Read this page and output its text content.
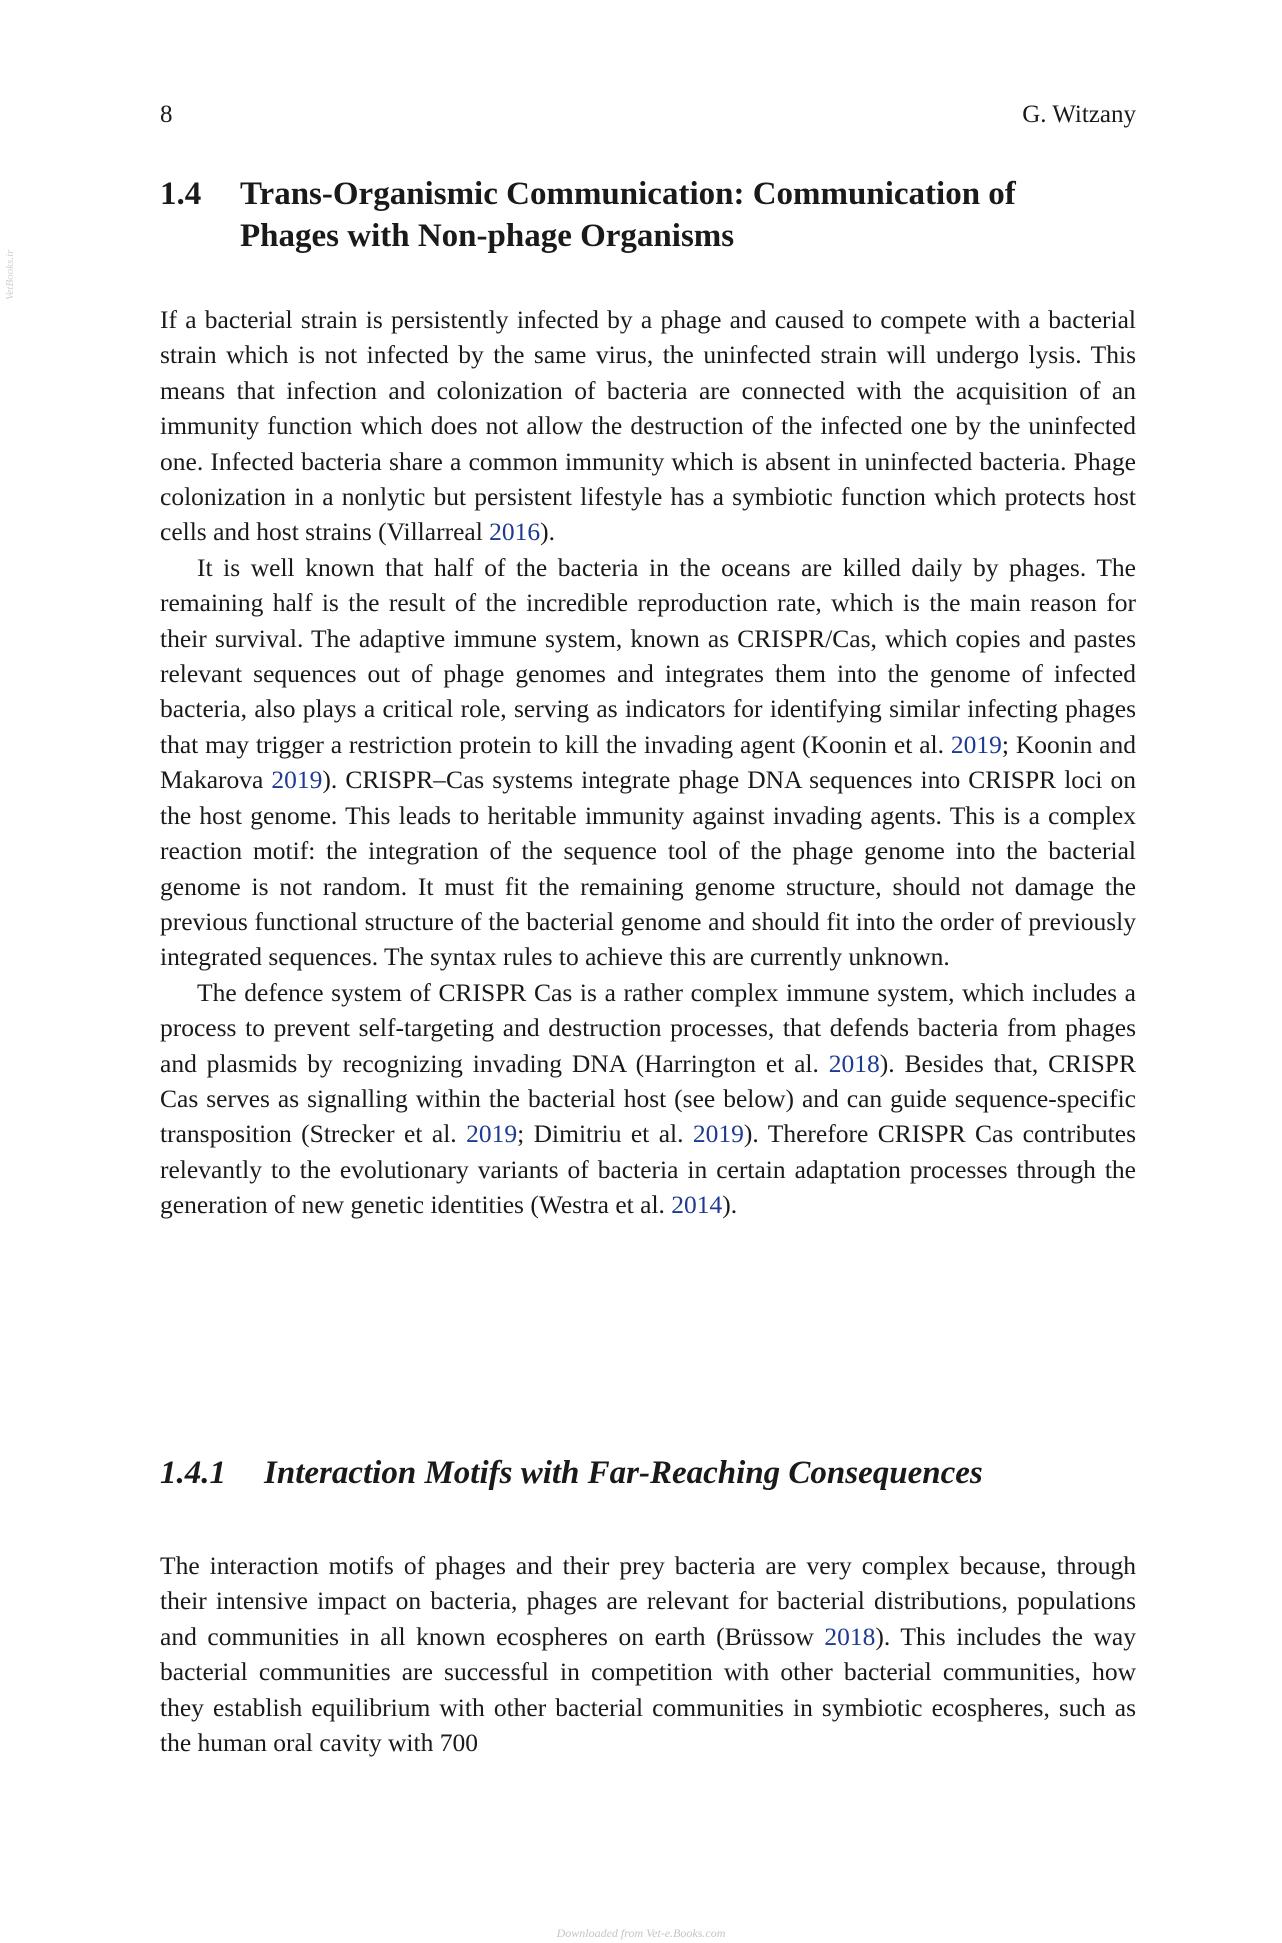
VetBooks.ir
8	G. Witzany
1.4 Trans-Organismic Communication: Communication of Phages with Non-phage Organisms

If a bacterial strain is persistently infected by a phage and caused to compete with a bacterial strain which is not infected by the same virus, the uninfected strain will undergo lysis. This means that infection and colonization of bacteria are connected with the acquisition of an immunity function which does not allow the destruction of the infected one by the uninfected one. Infected bacteria share a common immunity which is absent in uninfected bacteria. Phage colonization in a nonlytic but persistent lifestyle has a symbiotic function which protects host cells and host strains (Villarreal 2016).

It is well known that half of the bacteria in the oceans are killed daily by phages. The remaining half is the result of the incredible reproduction rate, which is the main reason for their survival. The adaptive immune system, known as CRISPR/​Cas, which copies and pastes relevant sequences out of phage genomes and integrates them into the genome of infected bacteria, also plays a critical role, serving as indicators for identifying similar infecting phages that may trigger a restriction protein to kill the invading agent (Koonin et al. 2019; Koonin and Makarova 2019). CRISPR–Cas systems integrate phage DNA sequences into CRISPR loci on the host genome. This leads to heritable immunity against invading agents. This is a complex reaction motif: the integration of the sequence tool of the phage genome into the bacterial genome is not random. It must fit the remaining genome structure, should not damage the previous functional structure of the bacterial genome and should fit into the order of previously integrated sequences. The syntax rules to achieve this are currently unknown.

The defence system of CRISPR Cas is a rather complex immune system, which includes a process to prevent self-targeting and destruction processes, that defends bacteria from phages and plasmids by recognizing invading DNA (Harrington et al. 2018). Besides that, CRISPR Cas serves as signalling within the bacterial host (see below) and can guide sequence-specific transposition (Strecker et al. 2019; Dimitriu et al. 2019). Therefore CRISPR Cas contributes relevantly to the evolutionary variants of bacteria in certain adaptation processes through the generation of new genetic identities (Westra et al. 2014).

1.4.1 Interaction Motifs with Far-Reaching Consequences

The interaction motifs of phages and their prey bacteria are very complex because, through their intensive impact on bacteria, phages are relevant for bacterial distributions, populations and communities in all known ecospheres on earth (Brüssow 2018). This includes the way bacterial communities are successful in competition with other bacterial communities, how they establish equilibrium with other bacterial communities in symbiotic ecospheres, such as the human oral cavity with 700

Downloaded from Vet-e.Books.com
